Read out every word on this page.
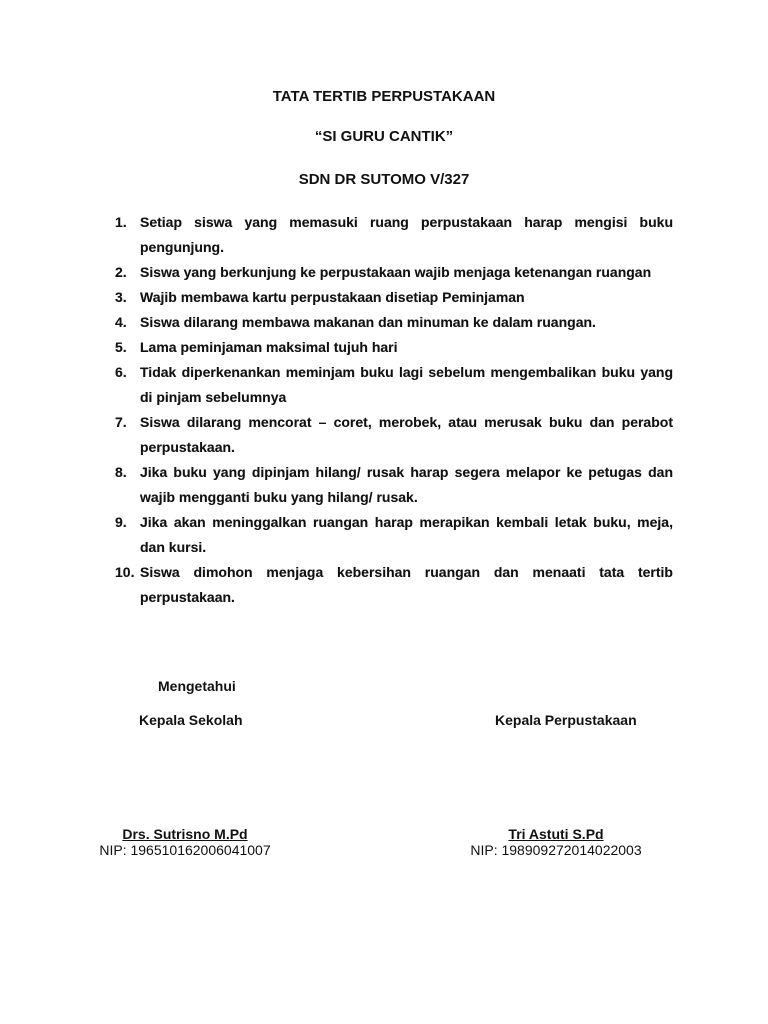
TATA TERTIB PERPUSTAKAAN
“SI GURU CANTIK”
SDN DR SUTOMO V/327
1. Setiap siswa yang memasuki ruang perpustakaan harap mengisi buku pengunjung.
2. Siswa yang berkunjung ke perpustakaan wajib menjaga ketenangan ruangan
3. Wajib membawa kartu perpustakaan disetiap Peminjaman
4. Siswa dilarang membawa makanan dan minuman ke dalam ruangan.
5. Lama peminjaman maksimal tujuh hari
6. Tidak diperkenankan meminjam buku lagi sebelum mengembalikan buku yang di pinjam sebelumnya
7. Siswa dilarang mencorat – coret, merobek, atau merusak buku dan perabot perpustakaan.
8. Jika buku yang dipinjam hilang/ rusak harap segera melapor ke petugas dan wajib mengganti buku yang hilang/ rusak.
9. Jika akan meninggalkan ruangan harap merapikan kembali letak buku, meja, dan kursi.
10. Siswa dimohon menjaga kebersihan ruangan dan menaati tata tertib perpustakaan.
Mengetahui
Kepala Sekolah	Kepala Perpustakaan
Drs. Sutrisno M.Pd
NIP: 196510162006041007
Tri Astuti S.Pd
NIP: 198909272014022003
